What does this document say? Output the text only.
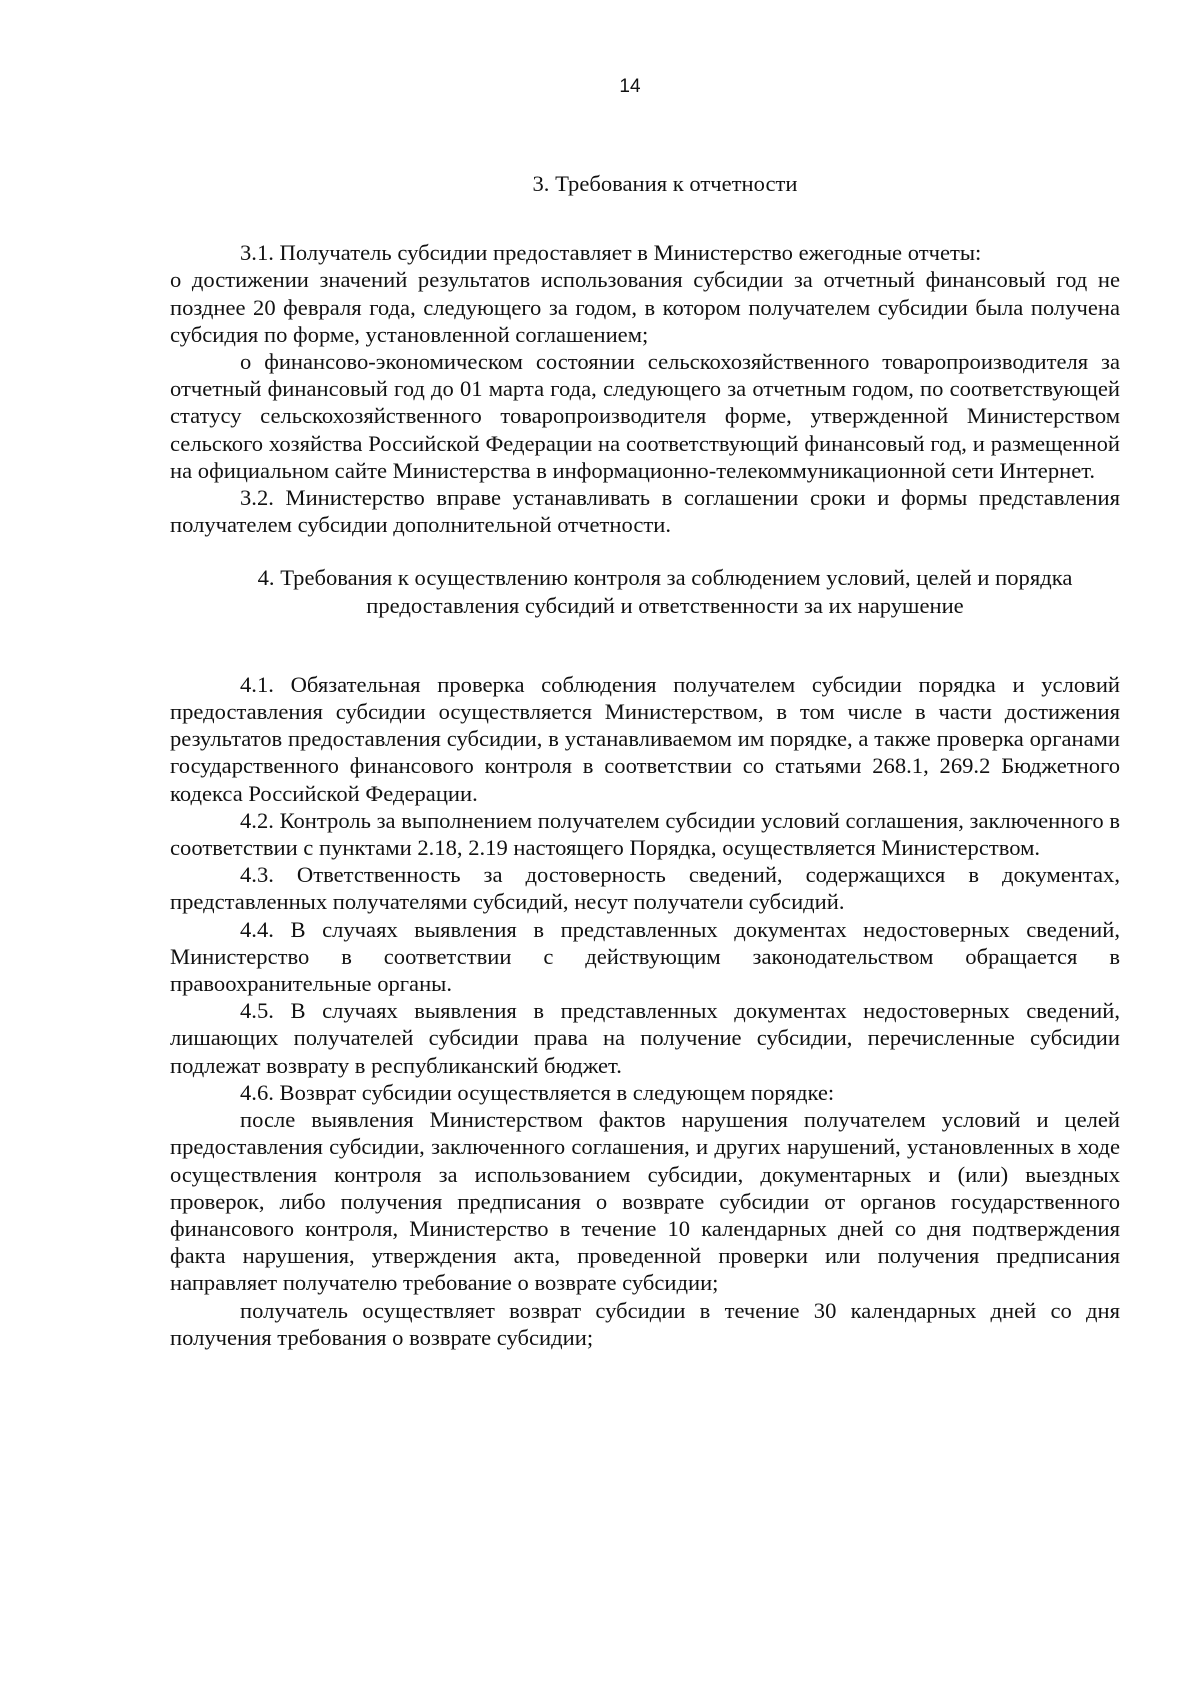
14
3. Требования к отчетности

3.1. Получатель субсидии предоставляет в Министерство ежегодные отчеты:

о достижении значений результатов использования субсидии за отчетный финансовый год не позднее 20 февраля года, следующего за годом, в котором получателем субсидии была получена субсидия по форме, установленной соглашением;

о финансово-экономическом состоянии сельскохозяйственного товаропроизводителя за отчетный финансовый год до 01 марта года, следующего за отчетным годом, по соответствующей статусу сельскохозяйственного товаропроизводителя форме, утвержденной Министерством сельского хозяйства Российской Федерации на соответствующий финансовый год, и размещенной на официальном сайте Министерства в информационно-телекоммуникационной сети Интернет.

3.2. Министерство вправе устанавливать в соглашении сроки и формы представления получателем субсидии дополнительной отчетности.

4. Требования к осуществлению контроля за соблюдением условий, целей и порядка предоставления субсидий и ответственности за их нарушение

4.1. Обязательная проверка соблюдения получателем субсидии порядка и условий предоставления субсидии осуществляется Министерством, в том числе в части достижения результатов предоставления субсидии, в устанавливаемом им порядке, а также проверка органами государственного финансового контроля в соответствии со статьями 268.1, 269.2 Бюджетного кодекса Российской Федерации.

4.2. Контроль за выполнением получателем субсидии условий соглашения, заключенного в соответствии с пунктами 2.18, 2.19 настоящего Порядка, осуществляется Министерством.

4.3. Ответственность за достоверность сведений, содержащихся в документах, представленных получателями субсидий, несут получатели субсидий.

4.4. В случаях выявления в представленных документах недостоверных сведений, Министерство в соответствии с действующим законодательством обращается в правоохранительные органы.

4.5. В случаях выявления в представленных документах недостоверных сведений, лишающих получателей субсидии права на получение субсидии, перечисленные субсидии подлежат возврату в республиканский бюджет.

4.6. Возврат субсидии осуществляется в следующем порядке:

после выявления Министерством фактов нарушения получателем условий и целей предоставления субсидии, заключенного соглашения, и других нарушений, установленных в ходе осуществления контроля за использованием субсидии, документарных и (или) выездных проверок, либо получения предписания о возврате субсидии от органов государственного финансового контроля, Министерство в течение 10 календарных дней со дня подтверждения факта нарушения, утверждения акта, проведенной проверки или получения предписания направляет получателю требование о возврате субсидии;

получатель осуществляет возврат субсидии в течение 30 календарных дней со дня получения требования о возврате субсидии;
